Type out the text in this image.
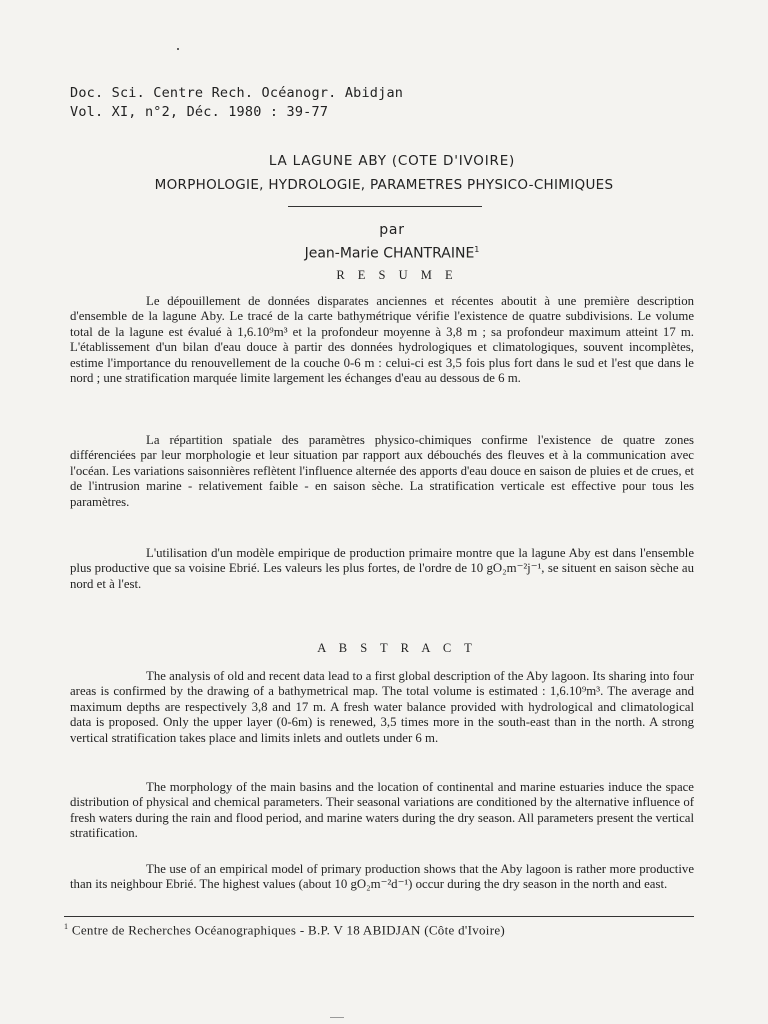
Doc. Sci. Centre Rech. Océanogr. Abidjan
Vol. XI, n°2, Déc. 1980 : 39-77
LA LAGUNE ABY (COTE D'IVOIRE)
MORPHOLOGIE, HYDROLOGIE, PARAMETRES PHYSICO-CHIMIQUES
par
Jean-Marie CHANTRAINE$^1$
R E S U M E

Le dépouillement de données disparates anciennes et récentes aboutit à une première description d'ensemble de la lagune Aby. Le tracé de la carte bathymétrique vérifie l'existence de quatre subdivisions. Le volume total de la lagune est évalué à 1,6.10⁹m³ et la profondeur moyenne à 3,8 m ; sa profondeur maximum atteint 17 m. L'établissement d'un bilan d'eau douce à partir des données hydrologiques et climatologiques, souvent incomplètes, estime l'importance du renouvellement de la couche 0-6 m : celui-ci est 3,5 fois plus fort dans le sud et l'est que dans le nord ; une stratification marquée limite largement les échanges d'eau au dessous de 6 m.

La répartition spatiale des paramètres physico-chimiques confirme l'existence de quatre zones différenciées par leur morphologie et leur situation par rapport aux débouchés des fleuves et à la communication avec l'océan. Les variations saisonnières reflètent l'influence alternée des apports d'eau douce en saison de pluies et de crues, et de l'intrusion marine - relativement faible - en saison sèche. La stratification verticale est effective pour tous les paramètres.

L'utilisation d'un modèle empirique de production primaire montre que la lagune Aby est dans l'ensemble plus productive que sa voisine Ebrié. Les valeurs les plus fortes, de l'ordre de 10 gO₂m⁻²j⁻¹, se situent en saison sèche au nord et à l'est.

A B S T R A C T

The analysis of old and recent data lead to a first global description of the Aby lagoon. Its sharing into four areas is confirmed by the drawing of a bathymetrical map. The total volume is estimated : 1,6.10⁹m³. The average and maximum depths are respectively 3,8 and 17 m. A fresh water balance provided with hydrological and climatological data is proposed. Only the upper layer (0-6m) is renewed, 3,5 times more in the south-east than in the north. A strong vertical stratification takes place and limits inlets and outlets under 6 m.

The morphology of the main basins and the location of continental and marine estuaries induce the space distribution of physical and chemical parameters. Their seasonal variations are conditioned by the alternative influence of fresh waters during the rain and flood period, and marine waters during the dry season. All parameters present the vertical stratification.

The use of an empirical model of primary production shows that the Aby lagoon is rather more productive than its neighbour Ebrié. The highest values (about 10 gO₂m⁻²d⁻¹) occur during the dry season in the north and east.

$^1$ Centre de Recherches Océanographiques - B.P. V 18 ABIDJAN (Côte d'Ivoire)
